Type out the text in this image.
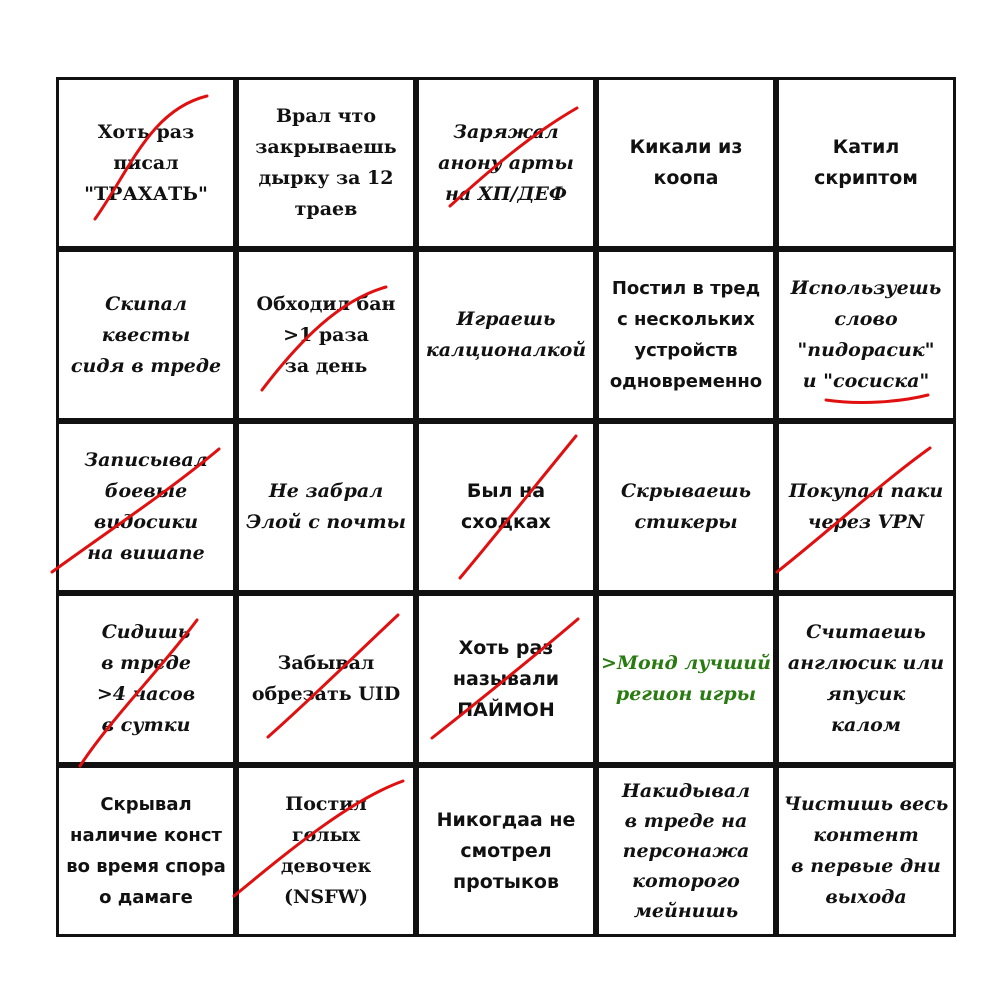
Хоть раз
писал
"ТРАХАТЬ"
Врал что
закрываешь
дырку за 12
траев
Заряжал
анону арты
на ХП/ДЕФ
Кикали из
коопа
Катил
скриптом
Скипал квесты
сидя в треде
Обходил бан
>1 раза
за день
Играешь
калционалкой
Постил в тред
с нескольких
устройств
одновременно
Используешь
слово
"пидорасик"
и "сосиска"
Записывал
боевые
видосики
на вишапе
Не забрал
Элой с почты
Был на
сходках
Скрываешь
стикеры
Покупал паки
через VPN
Сидишь
в треде
>4 часов
в сутки
Забывал
обрезать UID
Хоть раз
называли
ПАЙМОН
>Монд лучший
регион игры
Считаешь
англюсик или
япусик
калом
Скрывал
наличие конст
во время спора
о дамаге
Постил
голых
девочек
(NSFW)
Никогдаа не
смотрел
протыков
Накидывал
в треде на
персонажа
которого
мейнишь
Чистишь весь
контент
в первые дни
выхода
